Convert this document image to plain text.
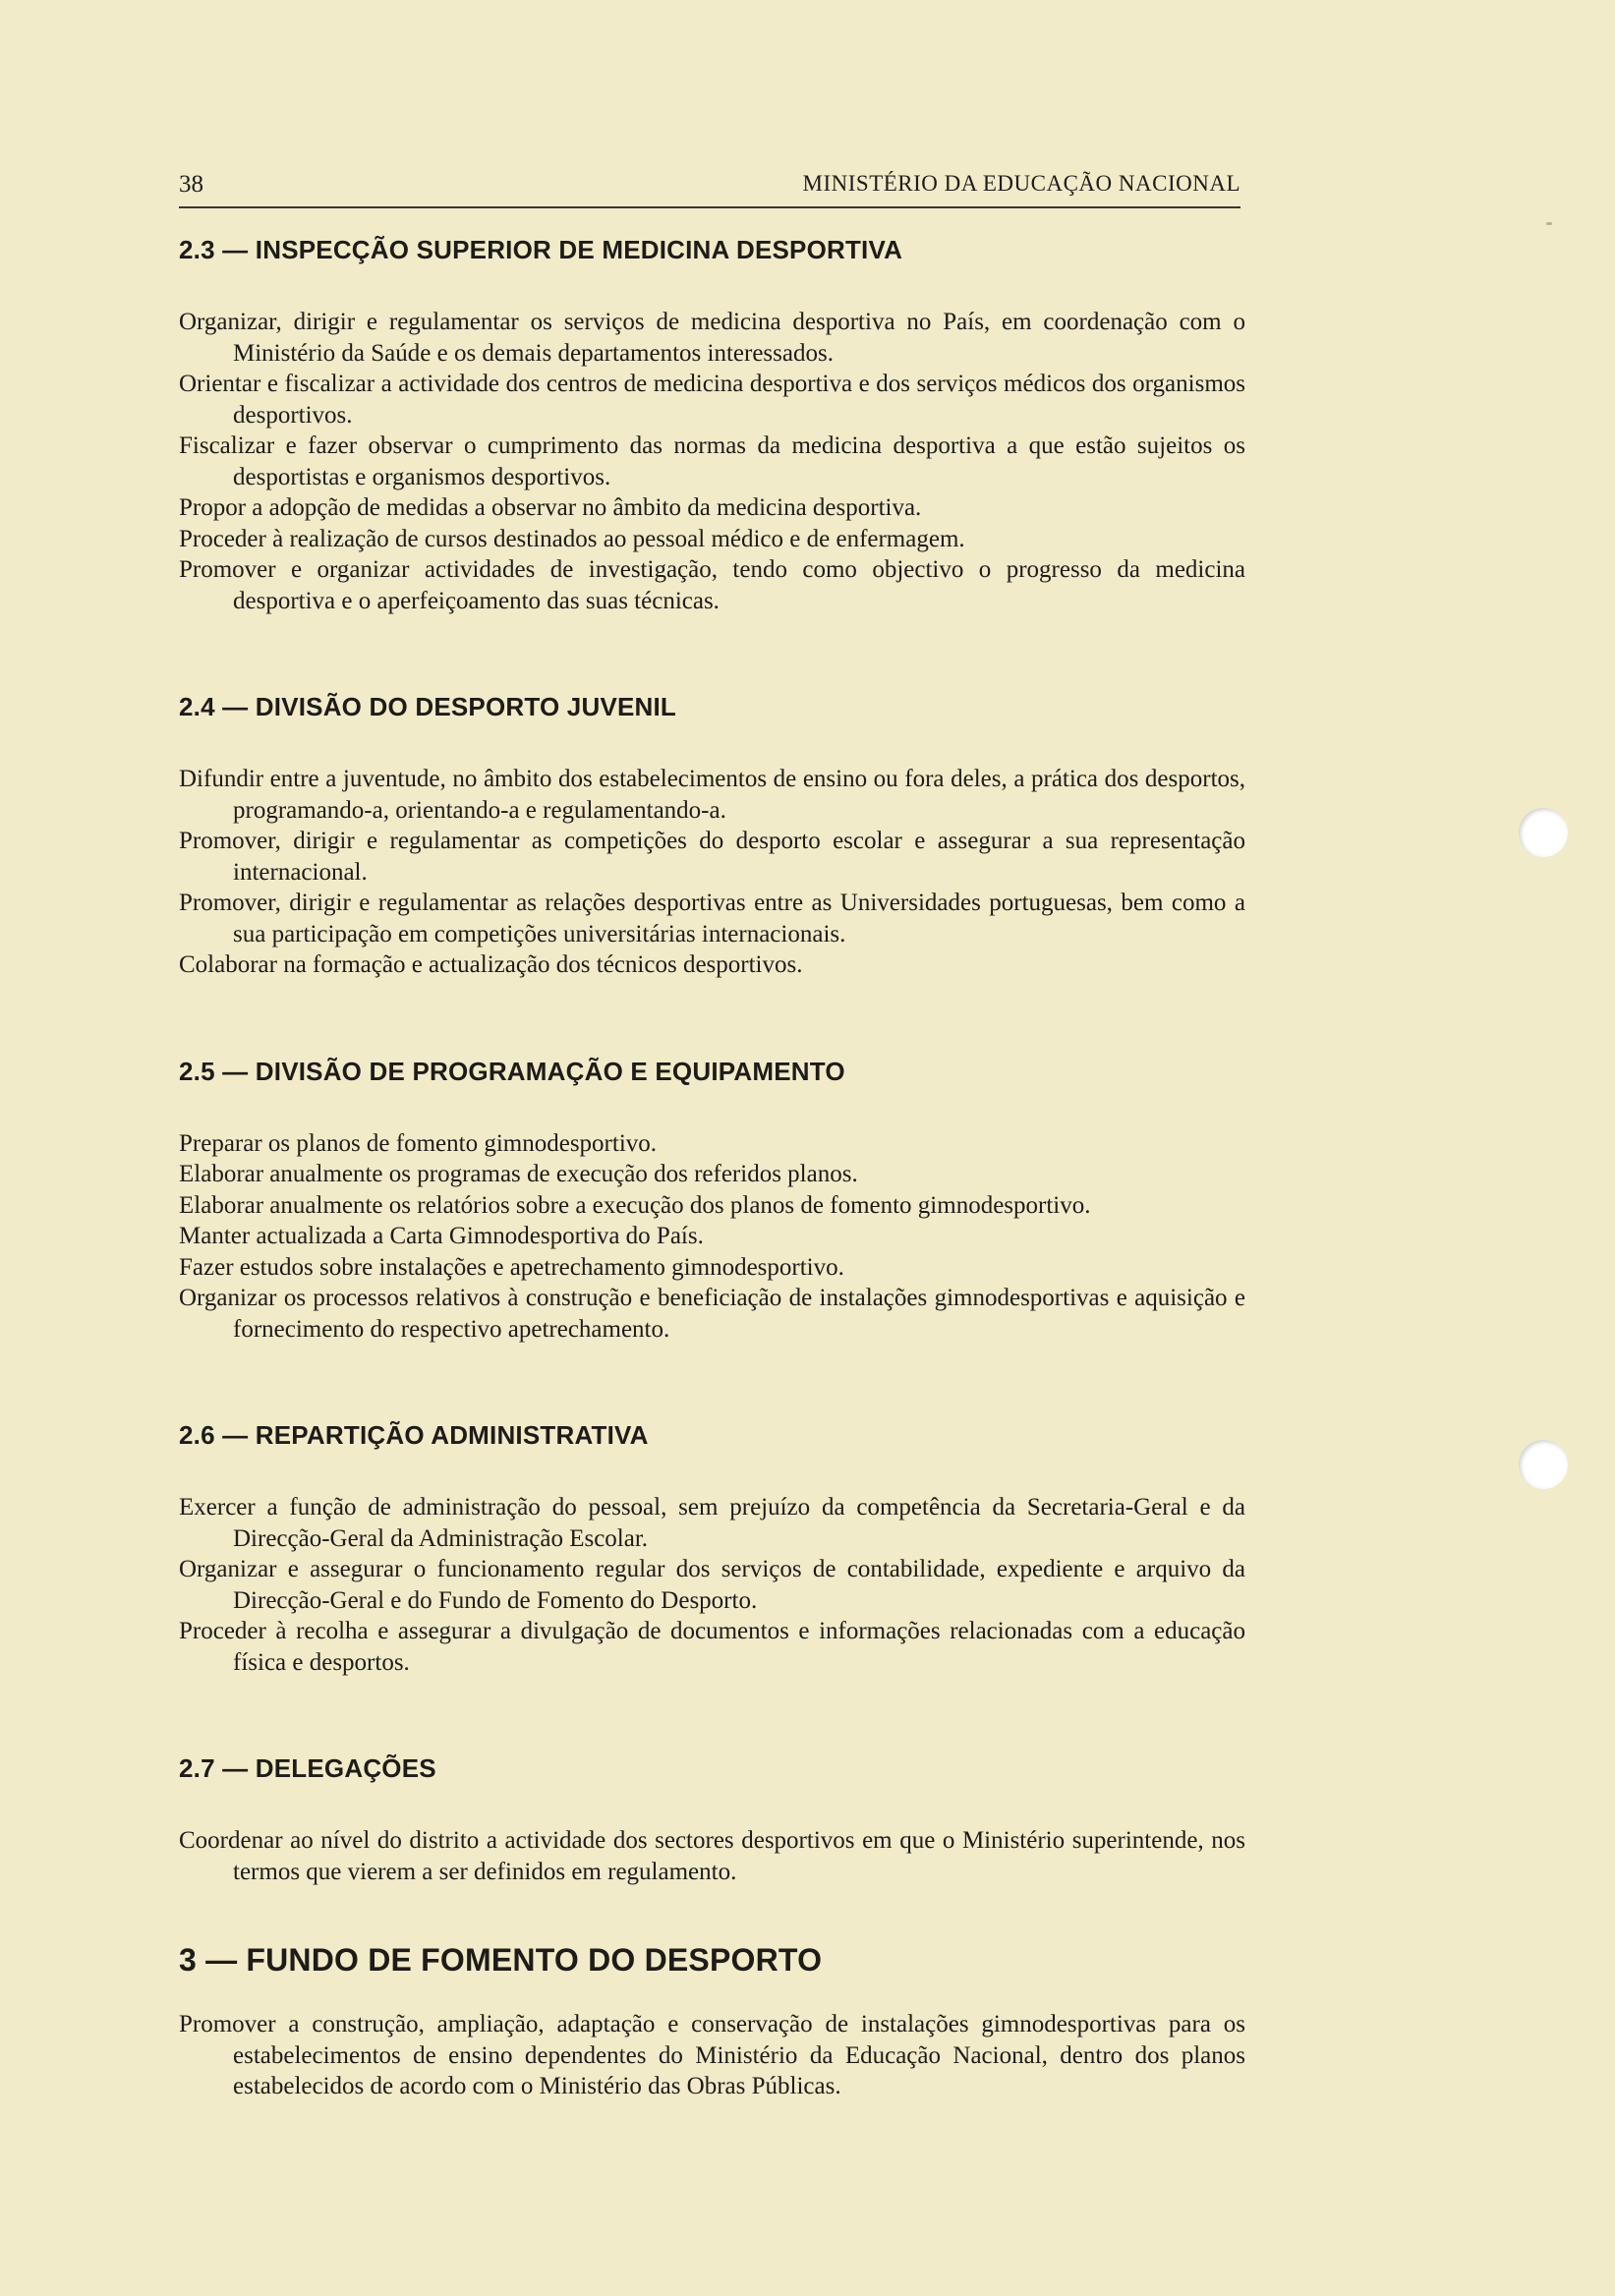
38	MINISTÉRIO DA EDUCAÇÃO NACIONAL
2.3 — INSPECÇÃO SUPERIOR DE MEDICINA DESPORTIVA

Organizar, dirigir e regulamentar os serviços de medicina desportiva no País, em coordenação com o Ministério da Saúde e os demais departamentos interessados.

Orientar e fiscalizar a actividade dos centros de medicina desportiva e dos serviços médicos dos organismos desportivos.

Fiscalizar e fazer observar o cumprimento das normas da medicina desportiva a que estão sujeitos os desportistas e organismos desportivos.

Propor a adopção de medidas a observar no âmbito da medicina desportiva.

Proceder à realização de cursos destinados ao pessoal médico e de enfermagem.

Promover e organizar actividades de investigação, tendo como objectivo o progresso da medicina desportiva e o aperfeiçoamento das suas técnicas.

2.4 — DIVISÃO DO DESPORTO JUVENIL

Difundir entre a juventude, no âmbito dos estabelecimentos de ensino ou fora deles, a prática dos desportos, programando-a, orientando-a e regulamentando-a.

Promover, dirigir e regulamentar as competições do desporto escolar e assegurar a sua representação internacional.

Promover, dirigir e regulamentar as relações desportivas entre as Universidades portuguesas, bem como a sua participação em competições universitárias internacionais.

Colaborar na formação e actualização dos técnicos desportivos.

2.5 — DIVISÃO DE PROGRAMAÇÃO E EQUIPAMENTO

Preparar os planos de fomento gimnodesportivo.

Elaborar anualmente os programas de execução dos referidos planos.

Elaborar anualmente os relatórios sobre a execução dos planos de fomento gimnodesportivo.

Manter actualizada a Carta Gimnodesportiva do País.

Fazer estudos sobre instalações e apetrechamento gimnodesportivo.

Organizar os processos relativos à construção e beneficiação de instalações gimnodesportivas e aquisição e fornecimento do respectivo apetrechamento.

2.6 — REPARTIÇÃO ADMINISTRATIVA

Exercer a função de administração do pessoal, sem prejuízo da competência da Secretaria-Geral e da Direcção-Geral da Administração Escolar.

Organizar e assegurar o funcionamento regular dos serviços de contabilidade, expediente e arquivo da Direcção-Geral e do Fundo de Fomento do Desporto.

Proceder à recolha e assegurar a divulgação de documentos e informações relacionadas com a educação física e desportos.

2.7 — DELEGAÇÕES

Coordenar ao nível do distrito a actividade dos sectores desportivos em que o Ministério superintende, nos termos que vierem a ser definidos em regulamento.

3 — FUNDO DE FOMENTO DO DESPORTO

Promover a construção, ampliação, adaptação e conservação de instalações gimnodesportivas para os estabelecimentos de ensino dependentes do Ministério da Educação Nacional, dentro dos planos estabelecidos de acordo com o Ministério das Obras Públicas.
